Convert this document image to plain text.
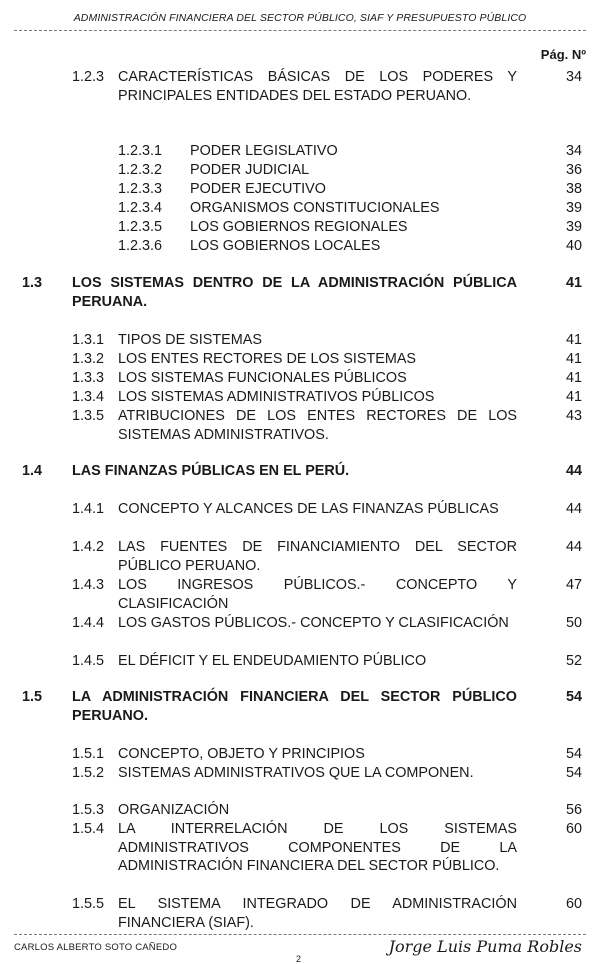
ADMINISTRACIÓN FINANCIERA DEL SECTOR PÚBLICO, SIAF Y PRESUPUESTO PÚBLICO
Pág. Nº
1.2.3 CARACTERÍSTICAS BÁSICAS DE LOS PODERES Y PRINCIPALES ENTIDADES DEL ESTADO PERUANO.
34
1.2.3.1 PODER LEGISLATIVO	34
1.2.3.2 PODER JUDICIAL	36
1.2.3.3 PODER EJECUTIVO	38
1.2.3.4 ORGANISMOS CONSTITUCIONALES	39
1.2.3.5 LOS GOBIERNOS REGIONALES	39
1.2.3.6 LOS GOBIERNOS LOCALES	40
1.3 LOS SISTEMAS DENTRO DE LA ADMINISTRACIÓN PÚBLICA PERUANA.
41
1.3.1 TIPOS DE SISTEMAS	41
1.3.2 LOS ENTES RECTORES DE LOS SISTEMAS	41
1.3.3 LOS SISTEMAS FUNCIONALES PÚBLICOS	41
1.3.4 LOS SISTEMAS ADMINISTRATIVOS PÚBLICOS	41
1.3.5 ATRIBUCIONES DE LOS ENTES RECTORES DE LOS SISTEMAS ADMINISTRATIVOS.
43
1.4 LAS FINANZAS PÚBLICAS EN EL PERÚ.	44
1.4.1 CONCEPTO Y ALCANCES DE LAS FINANZAS PÚBLICAS	44
1.4.2 LAS FUENTES DE FINANCIAMIENTO DEL SECTOR PÚBLICO PERUANO.
44
1.4.3 LOS INGRESOS PÚBLICOS.- CONCEPTO Y CLASIFICACIÓN
47
1.4.4 LOS GASTOS PÚBLICOS.- CONCEPTO Y CLASIFICACIÓN	50
1.4.5 EL DÉFICIT Y EL ENDEUDAMIENTO PÚBLICO	52
1.5 LA ADMINISTRACIÓN FINANCIERA DEL SECTOR PÚBLICO PERUANO.
54
1.5.1 CONCEPTO, OBJETO Y PRINCIPIOS	54
1.5.2 SISTEMAS ADMINISTRATIVOS QUE LA COMPONEN.	54
1.5.3 ORGANIZACIÓN	56
1.5.4 LA INTERRELACIÓN DE LOS SISTEMAS ADMINISTRATIVOS COMPONENTES DE LA ADMINISTRACIÓN FINANCIERA DEL SECTOR PÚBLICO.
60
1.5.5 EL SISTEMA INTEGRADO DE ADMINISTRACIÓN FINANCIERA (SIAF).
60
CARLOS ALBERTO SOTO CAÑEDO	Jorge Luis Puma Robles
2
